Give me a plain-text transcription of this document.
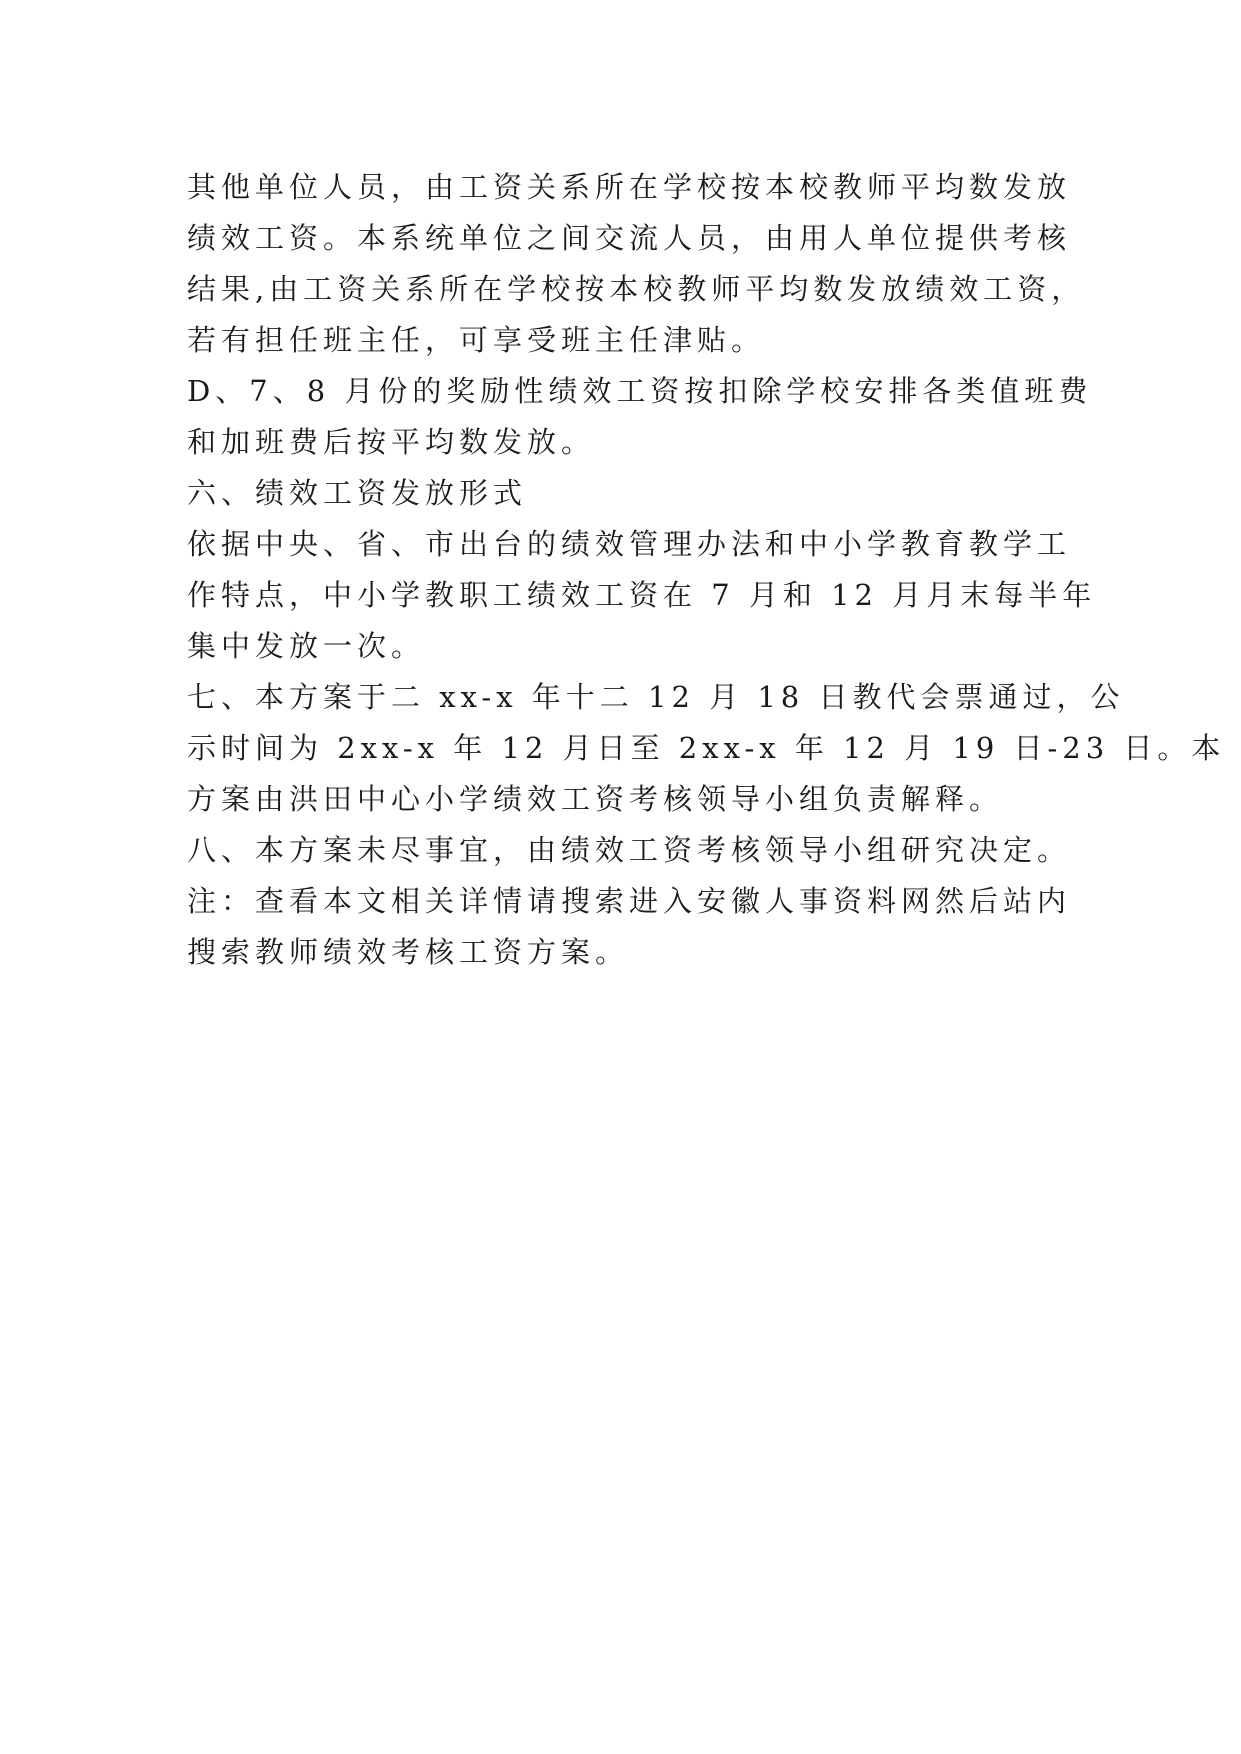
其他单位人员，由工资关系所在学校按本校教师平均数发放
绩效工资。本系统单位之间交流人员，由用人单位提供考核
结果,由工资关系所在学校按本校教师平均数发放绩效工资，
若有担任班主任，可享受班主任津贴。
D、7、8 月份的奖励性绩效工资按扣除学校安排各类值班费
和加班费后按平均数发放。
六、绩效工资发放形式
依据中央、省、市出台的绩效管理办法和中小学教育教学工
作特点，中小学教职工绩效工资在 7 月和 12 月月末每半年
集中发放一次。
七、本方案于二 xx-x 年十二 12 月 18 日教代会票通过，公
示时间为 2xx-x 年 12 月日至 2xx-x 年 12 月 19 日-23 日。本
方案由洪田中心小学绩效工资考核领导小组负责解释。
八、本方案未尽事宜，由绩效工资考核领导小组研究决定。
注：查看本文相关详情请搜索进入安徽人事资料网然后站内
搜索教师绩效考核工资方案。
